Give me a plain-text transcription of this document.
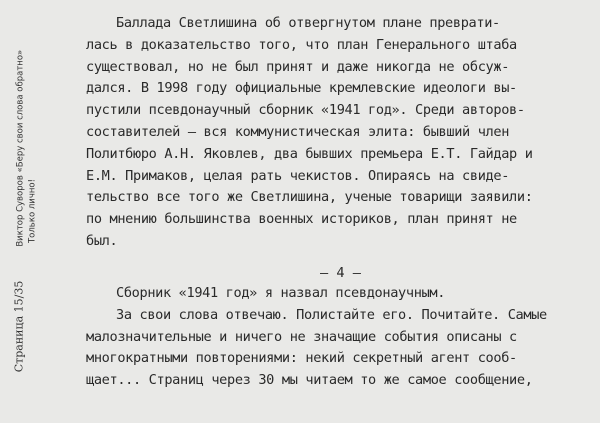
Страница 15/35Виктор Суворов «Беру свои слова обратно» Только лично!
Баллада Светлишина об отвергнутом плане преврати-
лась в доказательство того, что план Генерального штаба
существовал, но не был принят и даже никогда не обсуж-
дался. В 1998 году официальные кремлевские идеологи вы-
пустили псевдонаучный сборник «1941 год». Среди авторов-
составителей – вся коммунистическая элита: бывший член
Политбюро А.Н. Яковлев, два бывших премьера Е.Т. Гайдар и
Е.М. Примаков, целая рать чекистов. Опираясь на свиде-
тельство все того же Светлишина, ученые товарищи заявили:
по мнению большинства военных историков, план принят не
был.
– 4 –
Сборник «1941 год» я назвал псевдонаучным.
За свои слова отвечаю. Полистайте его. Почитайте. Самые
малозначительные и ничего не значащие события описаны с
многократными повторениями: некий секретный агент сооб-
щает... Страниц через 30 мы читаем то же самое сообщение,
